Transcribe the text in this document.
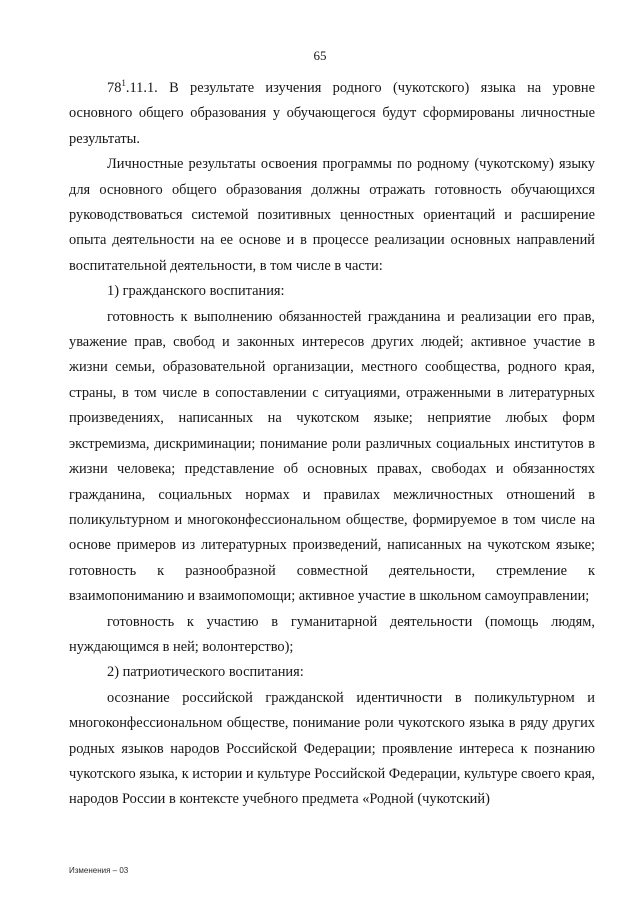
65

$78^1.11.1$. В результате изучения родного (чукотского) языка на уровне основного общего образования у обучающегося будут сформированы личностные результаты.

Личностные результаты освоения программы по родному (чукотскому) языку для основного общего образования должны отражать готовность обучающихся руководствоваться системой позитивных ценностных ориентаций и расширение опыта деятельности на ее основе и в процессе реализации основных направлений воспитательной деятельности, в том числе в части:

1) гражданского воспитания:

готовность к выполнению обязанностей гражданина и реализации его прав, уважение прав, свобод и законных интересов других людей; активное участие в жизни семьи, образовательной организации, местного сообщества, родного края, страны, в том числе в сопоставлении с ситуациями, отраженными в литературных произведениях, написанных на чукотском языке; неприятие любых форм экстремизма, дискриминации; понимание роли различных социальных институтов в жизни человека; представление об основных правах, свободах и обязанностях гражданина, социальных нормах и правилах межличностных отношений в поликультурном и многоконфессиональном обществе, формируемое в том числе на основе примеров из литературных произведений, написанных на чукотском языке; готовность к разнообразной совместной деятельности, стремление к взаимопониманию и взаимопомощи; активное участие в школьном самоуправлении;

готовность к участию в гуманитарной деятельности (помощь людям, нуждающимся в ней; волонтерство);

2) патриотического воспитания:

осознание российской гражданской идентичности в поликультурном и многоконфессиональном обществе, понимание роли чукотского языка в ряду других родных языков народов Российской Федерации; проявление интереса к познанию чукотского языка, к истории и культуре Российской Федерации, культуре своего края, народов России в контексте учебного предмета «Родной (чукотский)

Изменения – 03
